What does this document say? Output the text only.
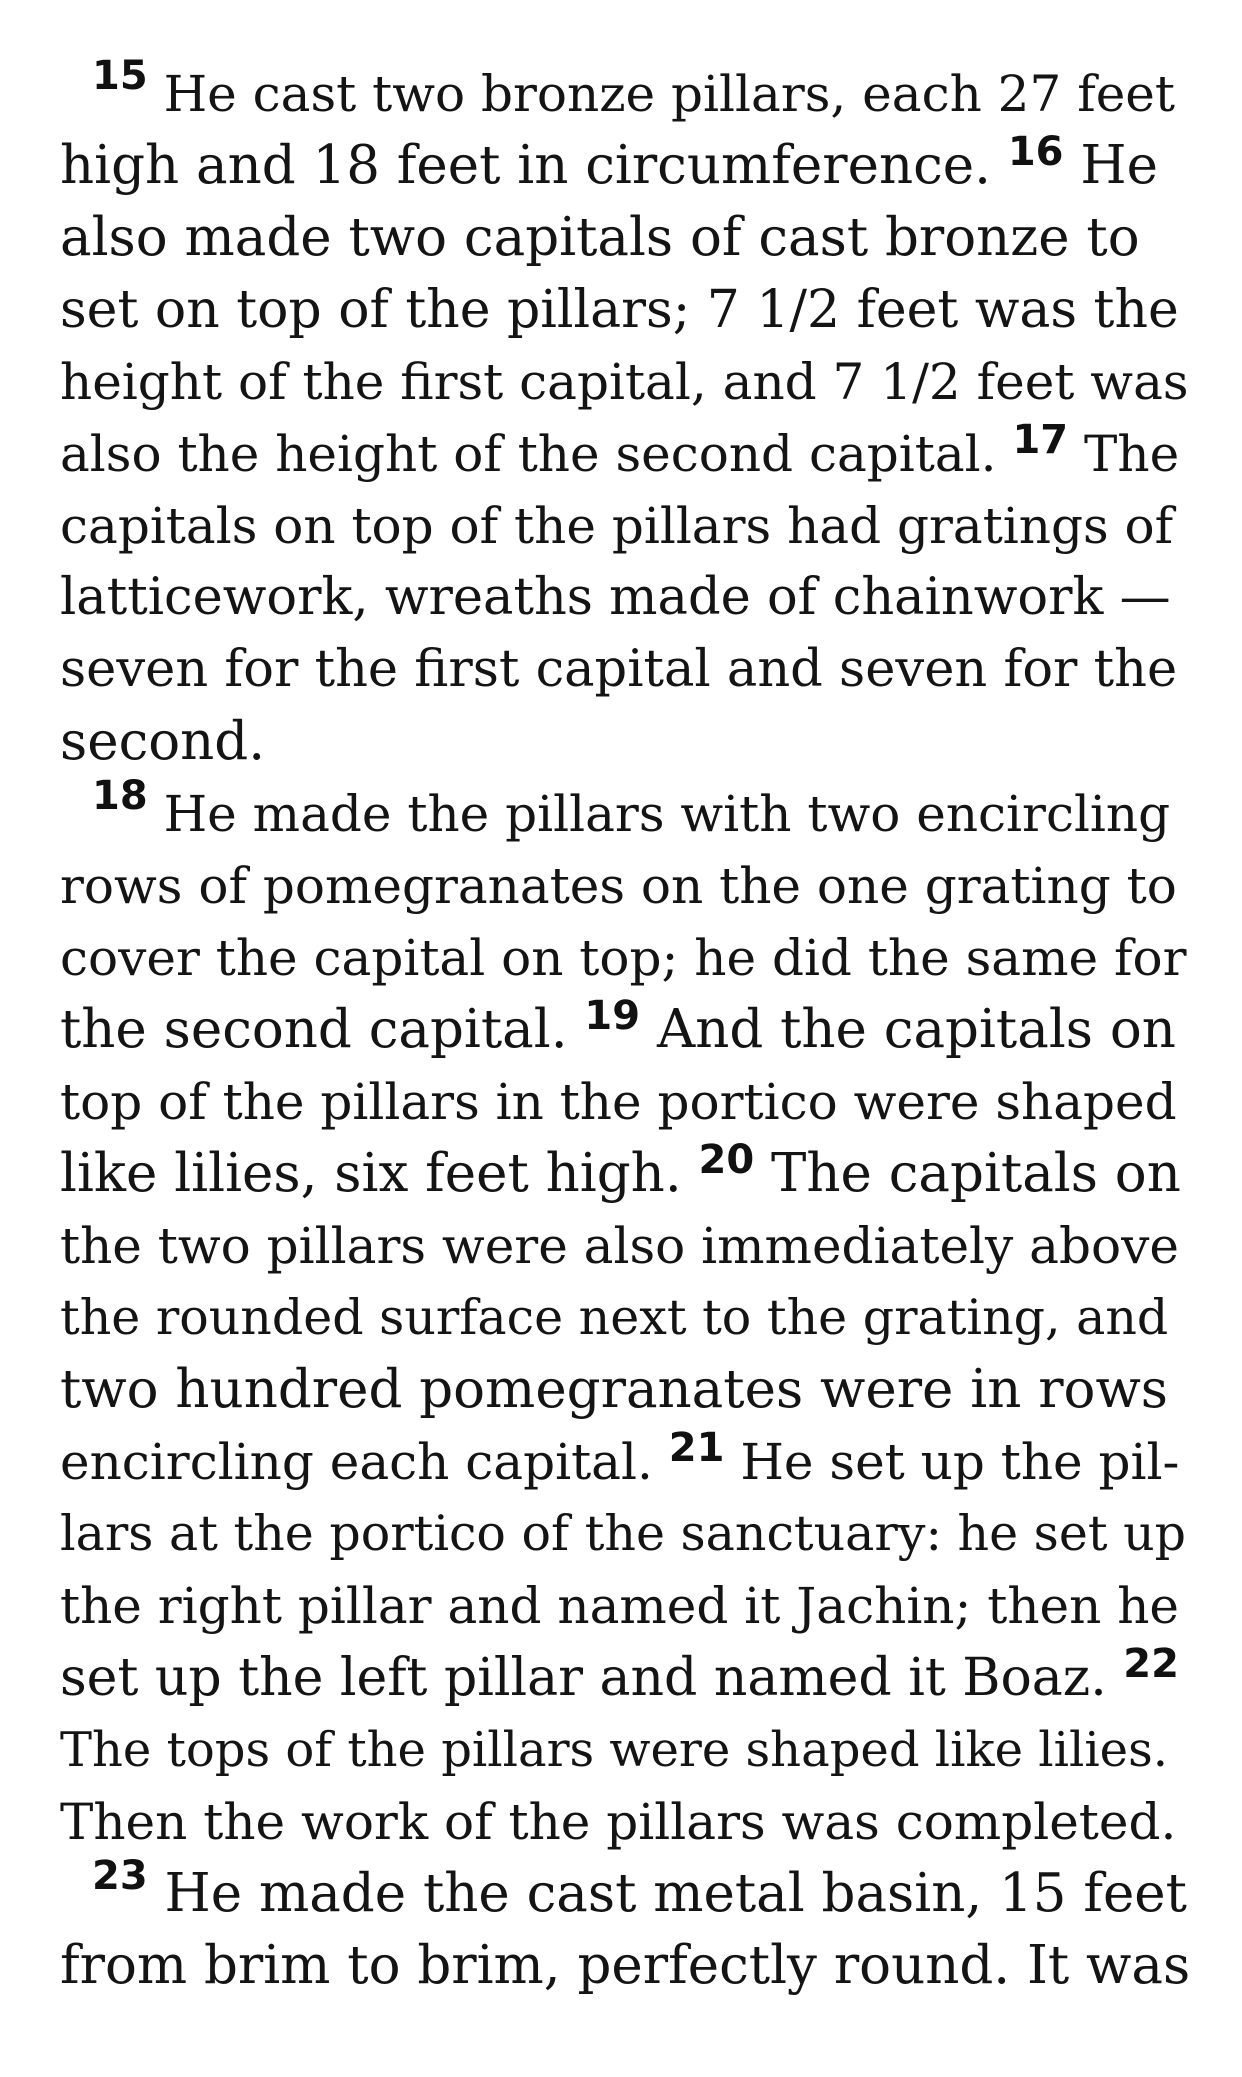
$^{15}$ He cast two bronze pillars, each 27 feet
high and 18 feet in circumference. $^{16}$ He
also made two capitals of cast bronze to
set on top of the pillars; 7 1/2 feet was the
height of the first capital, and 7 1/2 feet was
also the height of the second capital. $^{17}$ The
capitals on top of the pillars had gratings of
latticework, wreaths made of chainwork —
seven for the first capital and seven for the
second.
$^{18}$ He made the pillars with two encircling
rows of pomegranates on the one grating to
cover the capital on top; he did the same for
the second capital. $^{19}$ And the capitals on
top of the pillars in the portico were shaped
like lilies, six feet high. $^{20}$ The capitals on
the two pillars were also immediately above
the rounded surface next to the grating, and
two hundred pomegranates were in rows
encircling each capital. $^{21}$ He set up the pil-
lars at the portico of the sanctuary: he set up
the right pillar and named it Jachin; then he
set up the left pillar and named it Boaz. $^{22}$
The tops of the pillars were shaped like lilies.
Then the work of the pillars was completed.
$^{23}$ He made the cast metal basin, 15 feet
from brim to brim, perfectly round. It was
